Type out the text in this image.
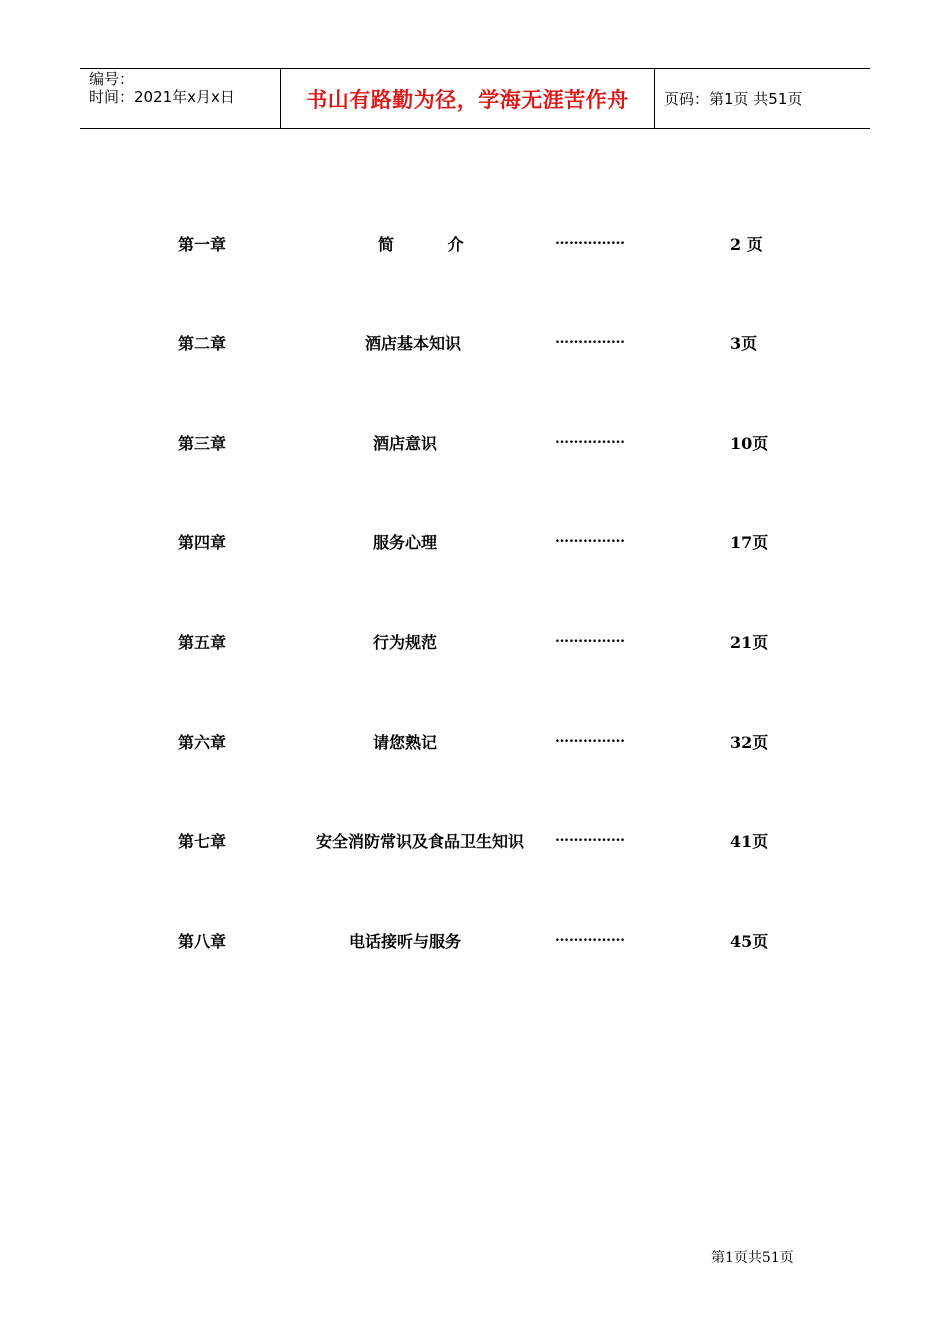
编号：
时间：2021年x月x日	书山有路勤为径，学海无涯苦作舟 页码：第1页 共51页
第一章	简 介	……………	2 页
第二章	酒店基本知识	……………	3页
第三章	酒店意识	……………	10页
第四章	服务心理	……………	17页
第五章	行为规范	……………	21页
第六章	请您熟记	……………	32页
第七章	安全消防常识及食品卫生知识	……………	41页
第八章	电话接听与服务	……………	45页
第1页共51页
